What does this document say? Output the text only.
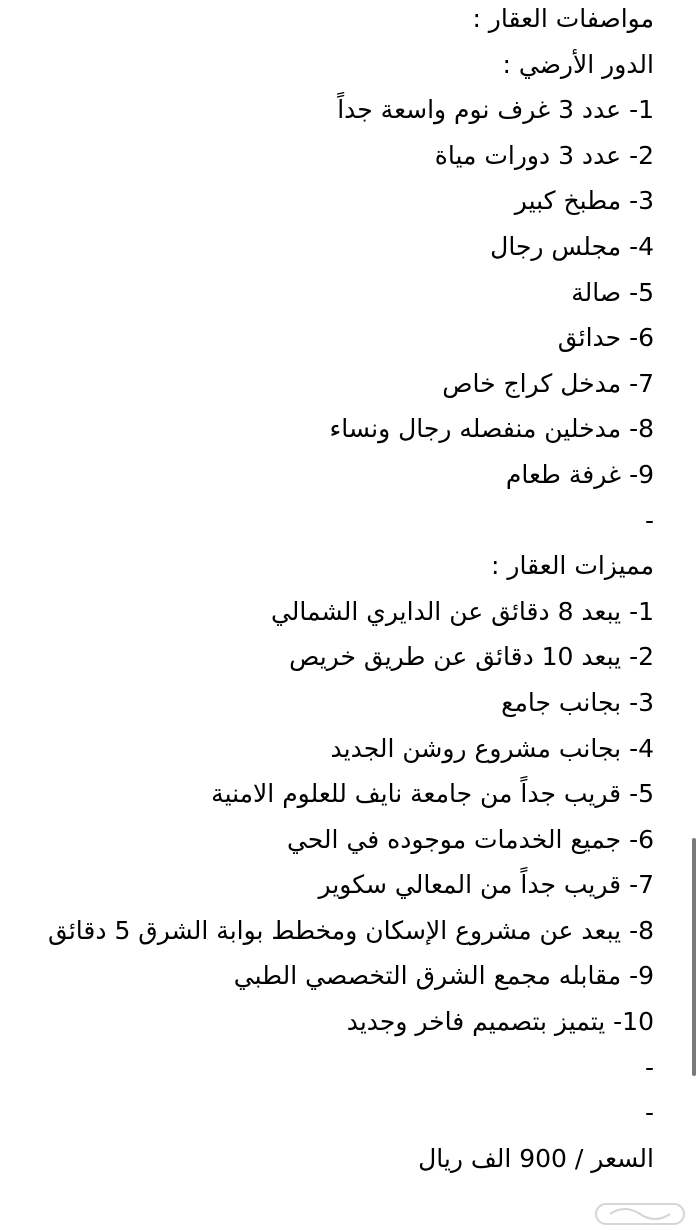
مواصفات العقار :
الدور الأرضي :
-1 عدد 3 غرف نوم واسعة جداً
-2 عدد 3 دورات مياة
-3 مطبخ كبير
-4 مجلس رجال
-5 صالة
-6 حدائق
-7 مدخل كراج خاص
-8 مدخلين منفصله رجال ونساء
-9 غرفة طعام
-
مميزات العقار :
-1 يبعد 8 دقائق عن الدايري الشمالي
-2 يبعد 10 دقائق عن طريق خريص
-3 بجانب جامع
-4 بجانب مشروع روشن الجديد
-5 قريب جداً من جامعة نايف للعلوم الامنية
-6 جميع الخدمات موجوده في الحي
-7 قريب جداً من المعالي سكوير
-8 يبعد عن مشروع الإسكان ومخطط بوابة الشرق 5 دقائق
-9 مقابله مجمع الشرق التخصصي الطبي
-10 يتميز بتصميم فاخر وجديد
-
-
السعر / 900 الف ريال
